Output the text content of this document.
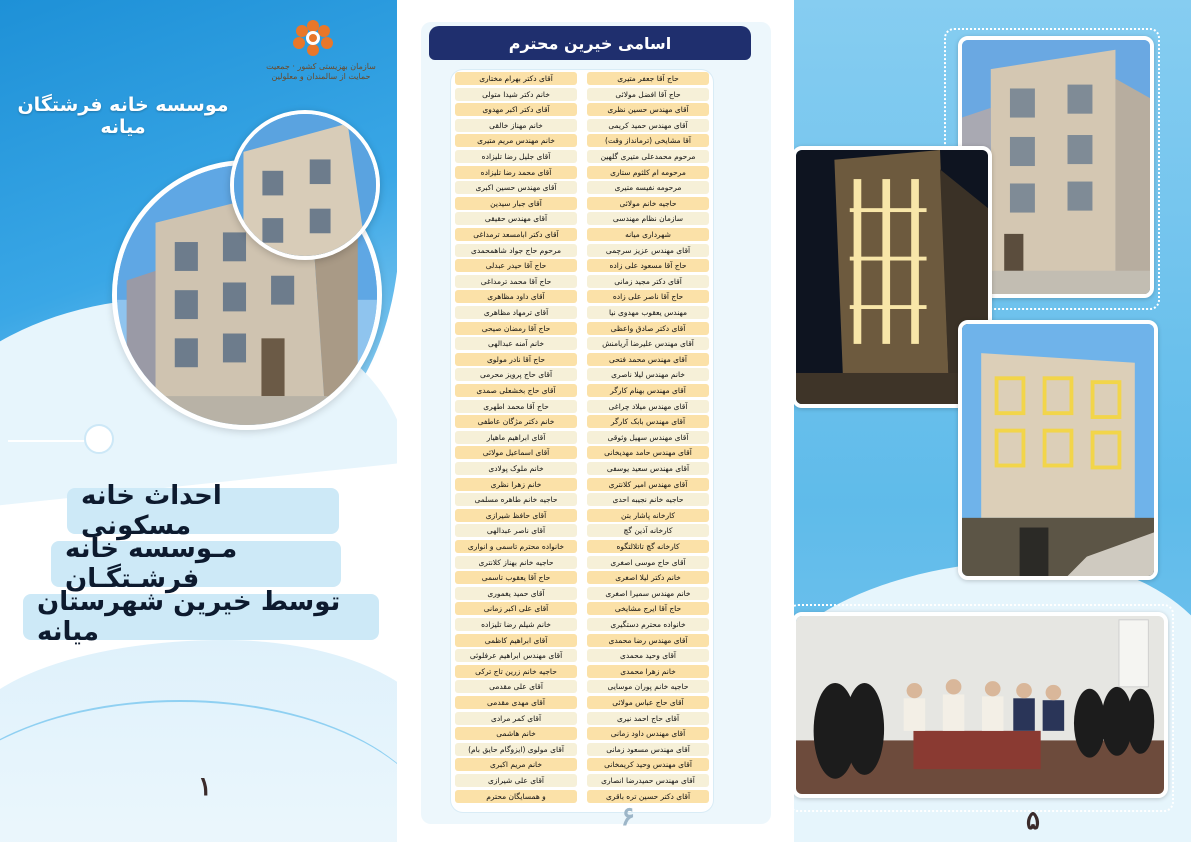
سازمان بهزیستی کشور · جمعیت حمایت از سالمندان و معلولین
موسسه خانه فرشتگان میانه
احداث خانه مسکونی
مـوسسه خانه فرشـتگـان
توسط خیرین شهرستان میانه
۱
اسامی خیرین محترم
حاج آقا جعفر متیری
آقای دکتر بهرام مختاری
حاج آقا افضل مولائی
خانم دکتر شیدا متولی
آقای مهندس حسین نظری
آقای دکتر اکبر مهدوی
آقای مهندس حمید کریمی
خانم مهناز خالقی
آقا مشایخی (ترمانداز وقت)
خانم مهندس مریم متیری
مرحوم محمدعلی متیری گلهین
آقای جلیل رضا تلیزاده
مرحومه ام کلثوم ستاری
آقای محمد رضا تلیزاده
مرحومه نفیسه متیری
آقای مهندس حسین اکبری
حاجیه خانم مولائی
آقای جبار سیدین
سازمان نظام مهندسی
آقای مهندس حقیقی
شهرداری میانه
آقای دکتر ابامسعد ترمداغی
آقای مهندس عزیز سرچمی
مرحوم حاج جواد شاهمحمدی
حاج آقا مسعود علی زاده
حاج آقا حیدر عبدلی
آقای دکتر مجید زمانی
حاج آقا محمد ترمداغی
حاج آقا ناصر علی زاده
آقای داود مظاهری
مهندس یعقوب مهدوی نیا
آقای ترمهاد مظاهری
آقای دکتر صادق واعظی
حاج آقا رمضان صیحی
آقای مهندس علیرضا آریامنش
خانم آمنه عبدالهی
آقای مهندس محمد فتحی
حاج آقا نادر مولوی
خانم مهندس لیلا ناصری
آقای حاج پرویز محرمی
آقای مهندس بهنام کارگر
آقای حاج بخشعلی صمدی
آقای مهندس میلاد چراغی
حاج آقا محمد اطهری
آقای مهندس بابک کارگر
خانم دکتر مژگان عاطفی
آقای مهندس سهیل وثوقی
آقای ابراهیم ماهیار
آقای مهندس حامد مهدیخانی
آقای اسماعیل مولائی
آقای مهندس سعید یوسفی
خانم ملوک پولادی
آقای مهندس امیر کلانتری
خانم زهرا نظری
حاجیه خانم نجیبه احدی
حاجیه خانم طاهره مسلمی
کارخانه پاشار بتن
آقای حافظ شیرازی
کارخانه آذین گچ
آقای ناصر عبدالهی
کارخانه گچ تاتلالتگوه
خانواده محترم تاسمی و انواری
آقای حاج موسی اصغری
حاجیه خانم بهناز کلانتری
خانم دکتر لیلا اصغری
حاج آقا یعقوب تاسمی
خانم مهندس سمیرا اصغری
آقای حمید یغموری
حاج آقا ایرج مشایخی
آقای علی اکبر زمانی
خانواده محترم دستگیری
خانم شیلم رضا تلیزاده
آقای مهندس رضا محمدی
آقای ابراهیم کاظمی
آقای وحید محمدی
آقای مهندس ابراهیم عرفلوئی
خانم زهرا محمدی
حاجیه خانم زرین تاج ترکی
حاجیه خانم پوران موسایی
آقای علی مقدمی
آقای حاج عباس مولائی
آقای مهدی مقدمی
آقای حاج احمد نیری
آقای کمر مرادی
آقای مهندس داود زمانی
خانم هاشمی
آقای مهندس مسعود زمانی
آقای مولوی (ایزوگام حایق بام)
آقای مهندس وحید کریمخانی
خانم مریم اکبری
آقای مهندس حمیدرضا انصاری
آقای علی شیرازی
آقای دکتر حسین تره باقری
و همسایگان محترم
۶	۵
